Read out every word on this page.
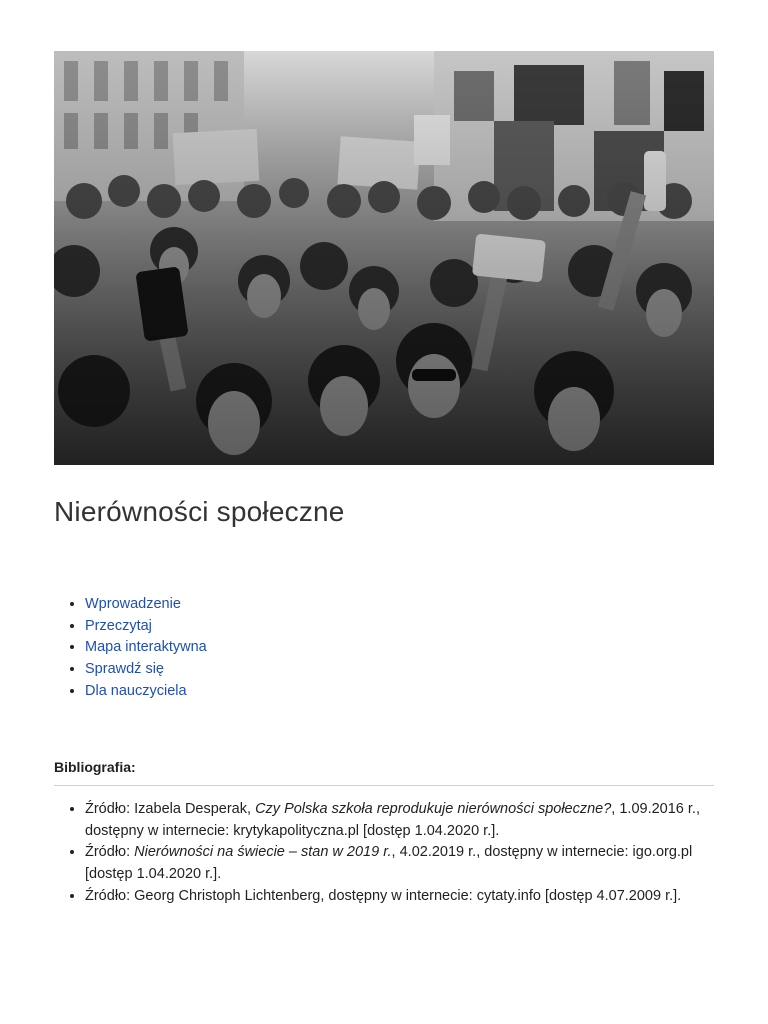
Nierówności społeczne
• Wprowadzenie
• Przeczytaj
• Mapa interaktywna
• Sprawdź się
• Dla nauczyciela

Bibliografia:

• Źródło: Izabela Desperak, Czy Polska szkoła reprodukuje nierówności społeczne?, 1.09.2016 r., dostępny w internecie: krytykapolityczna.pl [dostęp 1.04.2020 r.].
• Źródło: Nierówności na świecie – stan w 2019 r., 4.02.2019 r., dostępny w internecie: igo.org.pl [dostęp 1.04.2020 r.].
• Źródło: Georg Christoph Lichtenberg, dostępny w internecie: cytaty.info [dostęp 4.07.2009 r.].
